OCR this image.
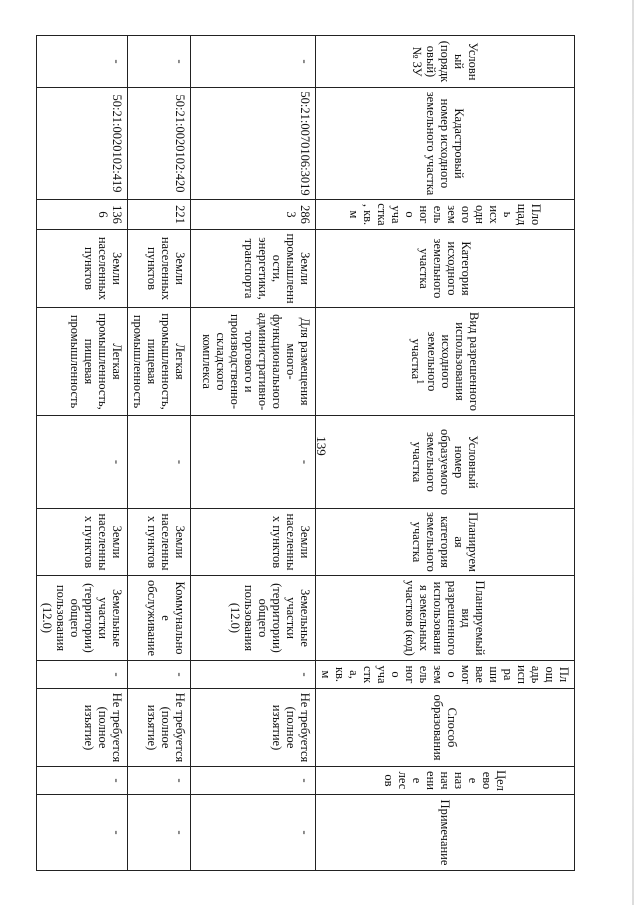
139
Условный (порядковый) № ЗУ	Кадастровый номер исходного земельного участка	Площадь исходного земельного участка, кв. м	Категория исходного земельного участка	Вид разрешенного использования исходного земельного участка$^1$	Условный номер образуемого земельного участка	Планируемая категория земельного участка	Планируемый вид разрешенного использования земельных участков (код)	Площадь испрашиваемого земельного участка, кв. м	Способ образования	Целевое назначение лесов	Примечание
-	50:21:0070106:3019	2863	Земли промышленности, энергетики, транспорта	Для размещения много-функционального административно-торгового и производственно-складского комплекса	-	Земли населенных пунктов	Земельные участки (территории) общего пользования (12.0)	-	Не требуется (полное изъятие)	-	-
-	50:21:0020102:420	221	Земли населенных пунктов	Легкая промышленность, пищевая промышленность	-	Земли населенных пунктов	Коммунальное обслуживание	-	Не требуется (полное изъятие)	-	-
-	50:21:0020102:419	1366	Земли населенных пунктов	Легкая промышленность, пищевая промышленность	-	Земли населенных пунктов	Земельные участки (территории) общего пользования (12.0)	-	Не требуется (полное изъятие)	-	-
